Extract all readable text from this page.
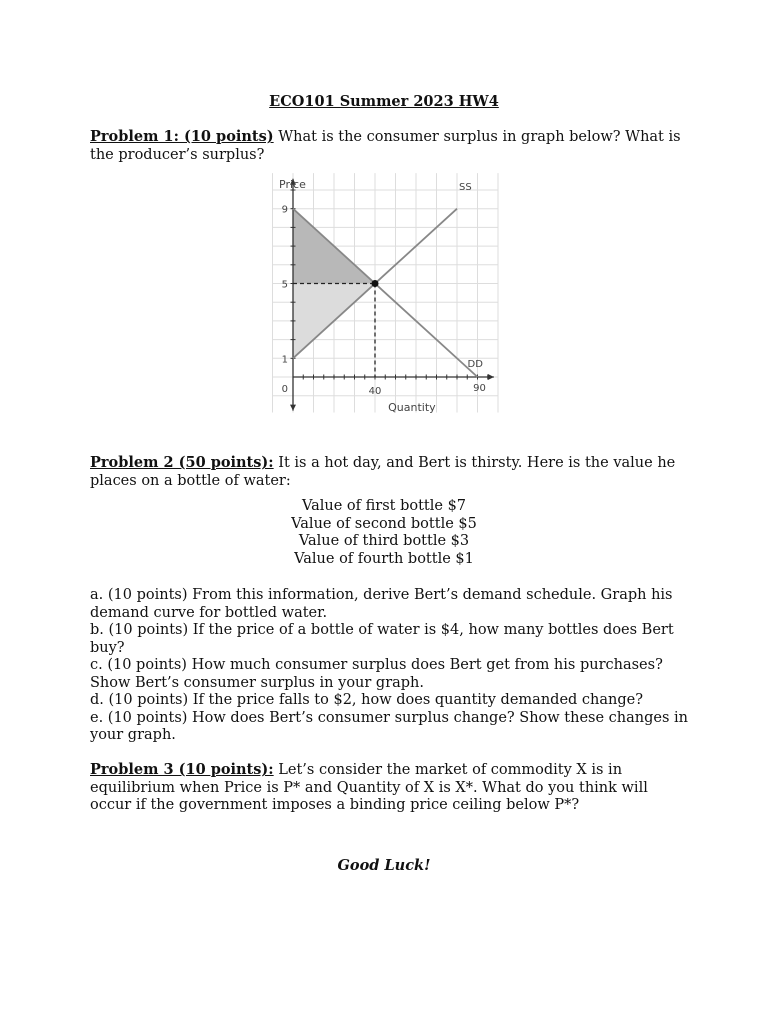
ECO101 Summer 2023 HW4
Problem 1: (10 points) What is the consumer surplus in graph below? What is the producer’s surplus?
Price
Quantity
9
5
1
0	40	90
DD
SS
Problem 2 (50 points): It is a hot day, and Bert is thirsty. Here is the value he places on a bottle of water:
Value of first bottle $7
Value of second bottle $5
Value of third bottle $3
Value of fourth bottle $1
a. (10 points) From this information, derive Bert’s demand schedule. Graph his demand curve for bottled water.
b. (10 points) If the price of a bottle of water is $4, how many bottles does Bert buy?
c. (10 points) How much consumer surplus does Bert get from his purchases? Show Bert’s consumer surplus in your graph.
d. (10 points) If the price falls to $2, how does quantity demanded change?
e. (10 points) How does Bert’s consumer surplus change? Show these changes in your graph.
Problem 3 (10 points): Let’s consider the market of commodity X is in equilibrium when Price is P* and Quantity of X is X*. What do you think will occur if the government imposes a binding price ceiling below P*?
Good Luck!
